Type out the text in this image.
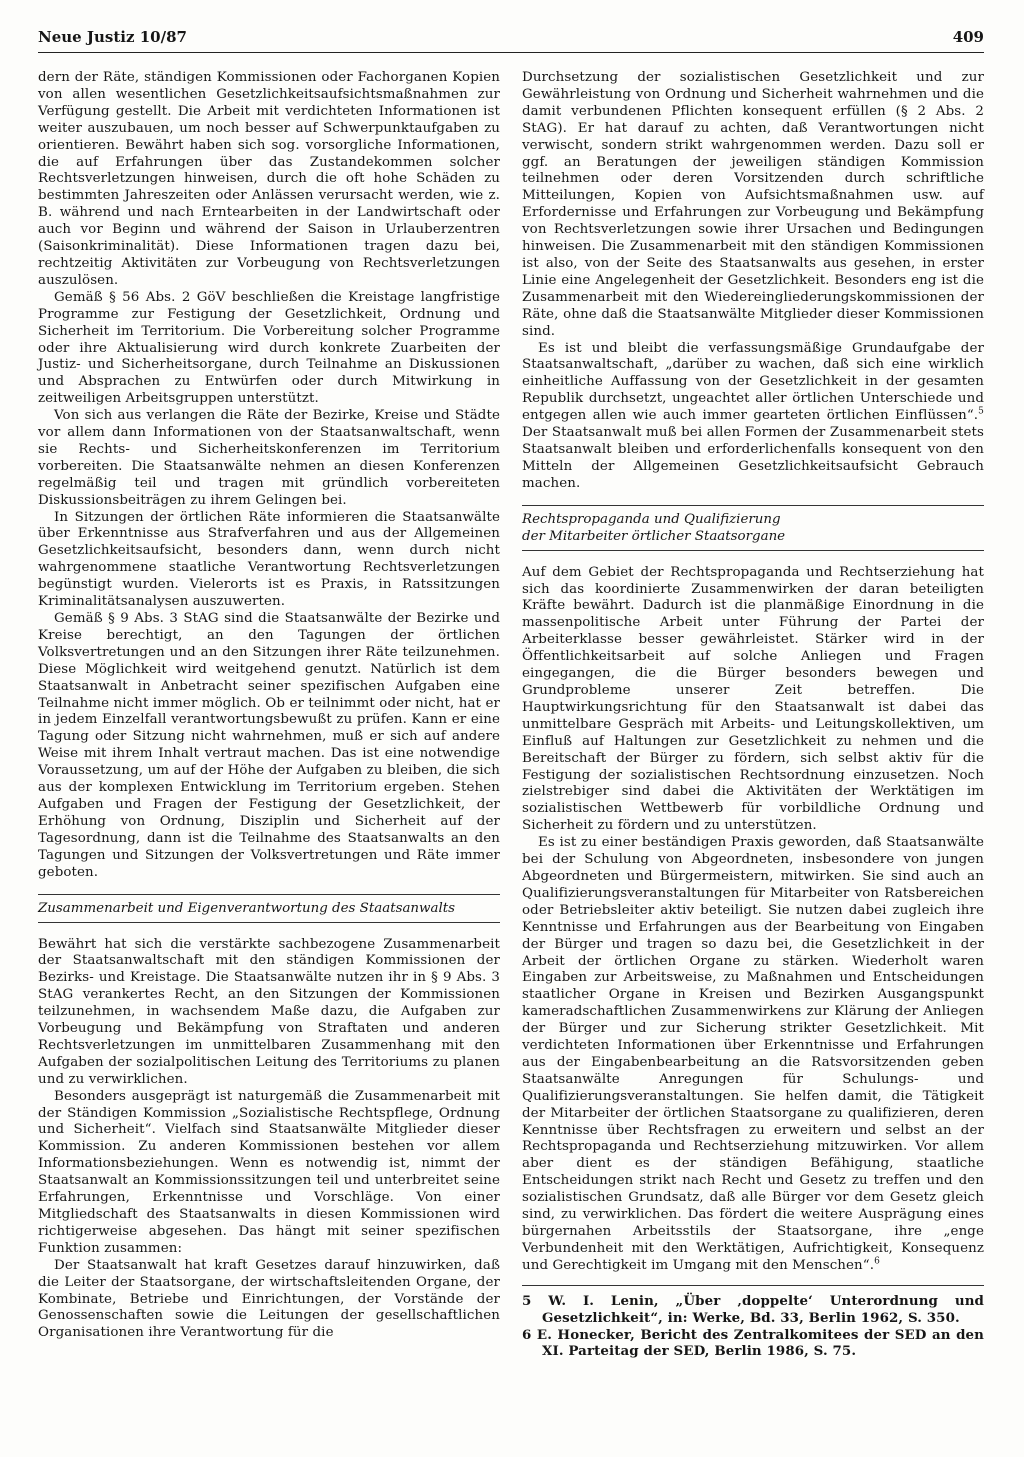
Neue Justiz 10/87	409

dern der Räte, ständigen Kommissionen oder Fachorganen Kopien von allen wesentlichen Gesetzlichkeitsaufsichtsmaßnahmen zur Verfügung gestellt. Die Arbeit mit verdichteten Informationen ist weiter auszubauen, um noch besser auf Schwerpunktaufgaben zu orientieren. Bewährt haben sich sog. vorsorgliche Informationen, die auf Erfahrungen über das Zustandekommen solcher Rechtsverletzungen hinweisen, durch die oft hohe Schäden zu bestimmten Jahreszeiten oder Anlässen verursacht werden, wie z. B. während und nach Erntearbeiten in der Landwirtschaft oder auch vor Beginn und während der Saison in Urlauberzentren (Saisonkriminalität). Diese Informationen tragen dazu bei, rechtzeitig Aktivitäten zur Vorbeugung von Rechtsverletzungen auszulösen.

Gemäß § 56 Abs. 2 GöV beschließen die Kreistage langfristige Programme zur Festigung der Gesetzlichkeit, Ordnung und Sicherheit im Territorium. Die Vorbereitung solcher Programme oder ihre Aktualisierung wird durch konkrete Zuarbeiten der Justiz- und Sicherheitsorgane, durch Teilnahme an Diskussionen und Absprachen zu Entwürfen oder durch Mitwirkung in zeitweiligen Arbeitsgruppen unterstützt.

Von sich aus verlangen die Räte der Bezirke, Kreise und Städte vor allem dann Informationen von der Staatsanwaltschaft, wenn sie Rechts- und Sicherheitskonferenzen im Territorium vorbereiten. Die Staatsanwälte nehmen an diesen Konferenzen regelmäßig teil und tragen mit gründlich vorbereiteten Diskussionsbeiträgen zu ihrem Gelingen bei.

In Sitzungen der örtlichen Räte informieren die Staatsanwälte über Erkenntnisse aus Strafverfahren und aus der Allgemeinen Gesetzlichkeitsaufsicht, besonders dann, wenn durch nicht wahrgenommene staatliche Verantwortung Rechtsverletzungen begünstigt wurden. Vielerorts ist es Praxis, in Ratssitzungen Kriminalitätsanalysen auszuwerten.

Gemäß § 9 Abs. 3 StAG sind die Staatsanwälte der Bezirke und Kreise berechtigt, an den Tagungen der örtlichen Volksvertretungen und an den Sitzungen ihrer Räte teilzunehmen. Diese Möglichkeit wird weitgehend genutzt. Natürlich ist dem Staatsanwalt in Anbetracht seiner spezifischen Aufgaben eine Teilnahme nicht immer möglich. Ob er teilnimmt oder nicht, hat er in jedem Einzelfall verantwortungsbewußt zu prüfen. Kann er eine Tagung oder Sitzung nicht wahrnehmen, muß er sich auf andere Weise mit ihrem Inhalt vertraut machen. Das ist eine notwendige Voraussetzung, um auf der Höhe der Aufgaben zu bleiben, die sich aus der komplexen Entwicklung im Territorium ergeben. Stehen Aufgaben und Fragen der Festigung der Gesetzlichkeit, der Erhöhung von Ordnung, Disziplin und Sicherheit auf der Tagesordnung, dann ist die Teilnahme des Staatsanwalts an den Tagungen und Sitzungen der Volksvertretungen und Räte immer geboten.

Zusammenarbeit und Eigenverantwortung des Staatsanwalts

Bewährt hat sich die verstärkte sachbezogene Zusammenarbeit der Staatsanwaltschaft mit den ständigen Kommissionen der Bezirks- und Kreistage. Die Staatsanwälte nutzen ihr in § 9 Abs. 3 StAG verankertes Recht, an den Sitzungen der Kommissionen teilzunehmen, in wachsendem Maße dazu, die Aufgaben zur Vorbeugung und Bekämpfung von Straftaten und anderen Rechtsverletzungen im unmittelbaren Zusammenhang mit den Aufgaben der sozialpolitischen Leitung des Territoriums zu planen und zu verwirklichen.

Besonders ausgeprägt ist naturgemäß die Zusammenarbeit mit der Ständigen Kommission „Sozialistische Rechtspflege, Ordnung und Sicherheit“. Vielfach sind Staatsanwälte Mitglieder dieser Kommission. Zu anderen Kommissionen bestehen vor allem Informationsbeziehungen. Wenn es notwendig ist, nimmt der Staatsanwalt an Kommissionssitzungen teil und unterbreitet seine Erfahrungen, Erkenntnisse und Vorschläge. Von einer Mitgliedschaft des Staatsanwalts in diesen Kommissionen wird richtigerweise abgesehen. Das hängt mit seiner spezifischen Funktion zusammen:

Der Staatsanwalt hat kraft Gesetzes darauf hinzuwirken, daß die Leiter der Staatsorgane, der wirtschaftsleitenden Organe, der Kombinate, Betriebe und Einrichtungen, der Vorstände der Genossenschaften sowie die Leitungen der gesellschaftlichen Organisationen ihre Verantwortung für die

Durchsetzung der sozialistischen Gesetzlichkeit und zur Gewährleistung von Ordnung und Sicherheit wahrnehmen und die damit verbundenen Pflichten konsequent erfüllen (§ 2 Abs. 2 StAG). Er hat darauf zu achten, daß Verantwortungen nicht verwischt, sondern strikt wahrgenommen werden. Dazu soll er ggf. an Beratungen der jeweiligen ständigen Kommission teilnehmen oder deren Vorsitzenden durch schriftliche Mitteilungen, Kopien von Aufsichtsmaßnahmen usw. auf Erfordernisse und Erfahrungen zur Vorbeugung und Bekämpfung von Rechtsverletzungen sowie ihrer Ursachen und Bedingungen hinweisen. Die Zusammenarbeit mit den ständigen Kommissionen ist also, von der Seite des Staatsanwalts aus gesehen, in erster Linie eine Angelegenheit der Gesetzlichkeit. Besonders eng ist die Zusammenarbeit mit den Wiedereingliederungskommissionen der Räte, ohne daß die Staatsanwälte Mitglieder dieser Kommissionen sind.

Es ist und bleibt die verfassungsmäßige Grundaufgabe der Staatsanwaltschaft, „darüber zu wachen, daß sich eine wirklich einheitliche Auffassung von der Gesetzlichkeit in der gesamten Republik durchsetzt, ungeachtet aller örtlichen Unterschiede und entgegen allen wie auch immer gearteten örtlichen Einflüssen“.$^5$ Der Staatsanwalt muß bei allen Formen der Zusammenarbeit stets Staatsanwalt bleiben und erforderlichenfalls konsequent von den Mitteln der Allgemeinen Gesetzlichkeitsaufsicht Gebrauch machen.

Rechtspropaganda und Qualifizierung
der Mitarbeiter örtlicher Staatsorgane

Auf dem Gebiet der Rechtspropaganda und Rechtserziehung hat sich das koordinierte Zusammenwirken der daran beteiligten Kräfte bewährt. Dadurch ist die planmäßige Einordnung in die massenpolitische Arbeit unter Führung der Partei der Arbeiterklasse besser gewährleistet. Stärker wird in der Öffentlichkeitsarbeit auf solche Anliegen und Fragen eingegangen, die die Bürger besonders bewegen und Grundprobleme unserer Zeit betreffen. Die Hauptwirkungsrichtung für den Staatsanwalt ist dabei das unmittelbare Gespräch mit Arbeits- und Leitungskollektiven, um Einfluß auf Haltungen zur Gesetzlichkeit zu nehmen und die Bereitschaft der Bürger zu fördern, sich selbst aktiv für die Festigung der sozialistischen Rechtsordnung einzusetzen. Noch zielstrebiger sind dabei die Aktivitäten der Werktätigen im sozialistischen Wettbewerb für vorbildliche Ordnung und Sicherheit zu fördern und zu unterstützen.

Es ist zu einer beständigen Praxis geworden, daß Staatsanwälte bei der Schulung von Abgeordneten, insbesondere von jungen Abgeordneten und Bürgermeistern, mitwirken. Sie sind auch an Qualifizierungsveranstaltungen für Mitarbeiter von Ratsbereichen oder Betriebsleiter aktiv beteiligt. Sie nutzen dabei zugleich ihre Kenntnisse und Erfahrungen aus der Bearbeitung von Eingaben der Bürger und tragen so dazu bei, die Gesetzlichkeit in der Arbeit der örtlichen Organe zu stärken. Wiederholt waren Eingaben zur Arbeitsweise, zu Maßnahmen und Entscheidungen staatlicher Organe in Kreisen und Bezirken Ausgangspunkt kameradschaftlichen Zusammenwirkens zur Klärung der Anliegen der Bürger und zur Sicherung strikter Gesetzlichkeit. Mit verdichteten Informationen über Erkenntnisse und Erfahrungen aus der Eingabenbearbeitung an die Ratsvorsitzenden geben Staatsanwälte Anregungen für Schulungs- und Qualifizierungsveranstaltungen. Sie helfen damit, die Tätigkeit der Mitarbeiter der örtlichen Staatsorgane zu qualifizieren, deren Kenntnisse über Rechtsfragen zu erweitern und selbst an der Rechtspropaganda und Rechtserziehung mitzuwirken. Vor allem aber dient es der ständigen Befähigung, staatliche Entscheidungen strikt nach Recht und Gesetz zu treffen und den sozialistischen Grundsatz, daß alle Bürger vor dem Gesetz gleich sind, zu verwirklichen. Das fördert die weitere Ausprägung eines bürgernahen Arbeitsstils der Staatsorgane, ihre „enge Verbundenheit mit den Werktätigen, Aufrichtigkeit, Konsequenz und Gerechtigkeit im Umgang mit den Menschen“.$^6$

5 W. I. Lenin, „Über ‚doppelte‘ Unterordnung und Gesetzlichkeit“, in: Werke, Bd. 33, Berlin 1962, S. 350.

6 E. Honecker, Bericht des Zentralkomitees der SED an den XI. Parteitag der SED, Berlin 1986, S. 75.
